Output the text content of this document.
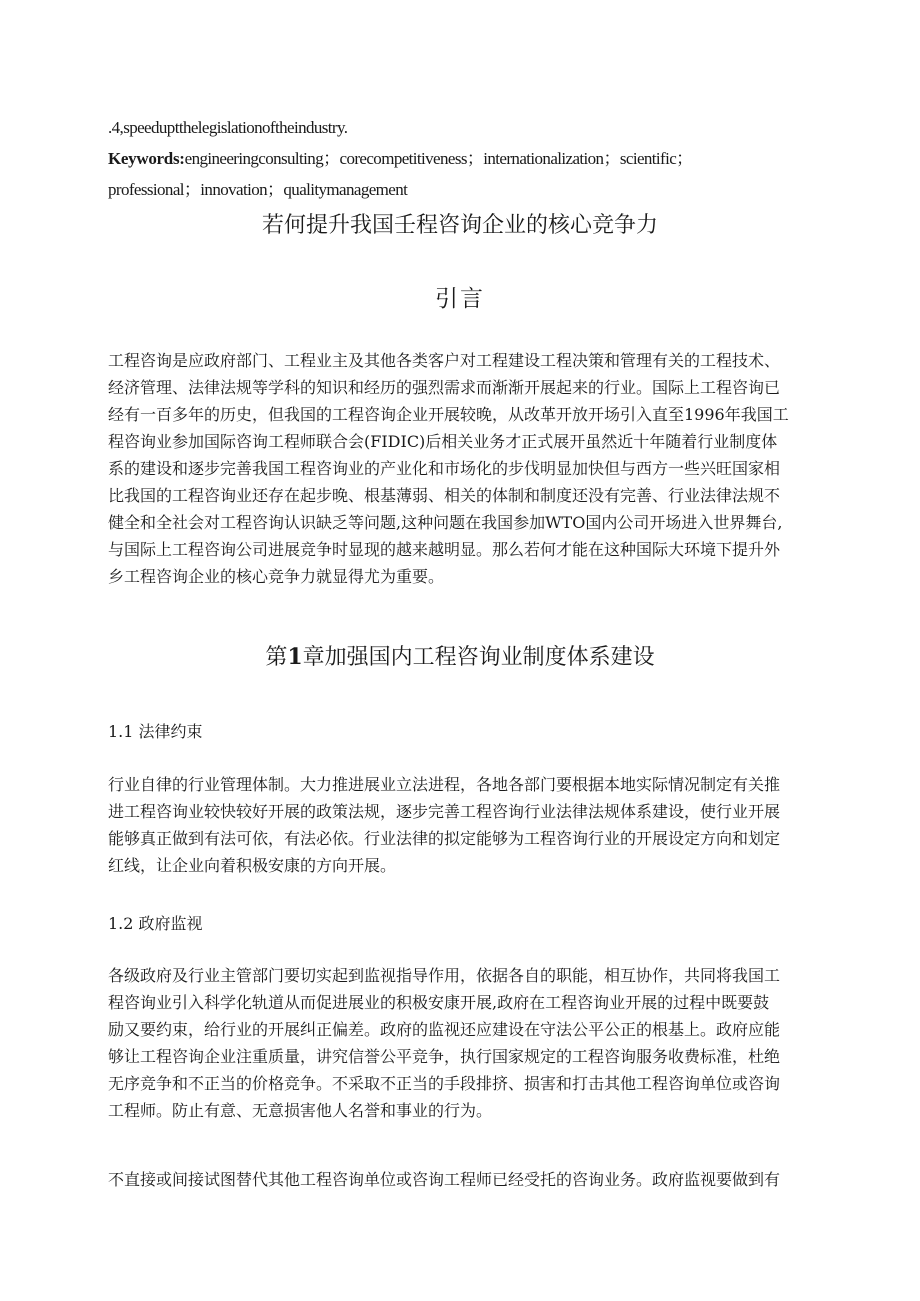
.4,speeduptthelegislationoftheindustry.
Keywords:engineeringconsulting；corecompetitiveness；internationalization；scientific；
professional；innovation；qualitymanagement
若何提升我国壬程咨询企业的核心竞争力
引言
工程咨询是应政府部门、工程业主及其他各类客户对工程建设工程决策和管理有关的工程技术、
经济管理、法律法规等学科的知识和经历的强烈需求而渐渐开展起来的行业。国际上工程咨询已
经有一百多年的历史，但我国的工程咨询企业开展较晚，从改革开放开场引入直至1996年我国工
程咨询业参加国际咨询工程师联合会(FIDIC)后相关业务才正式展开虽然近十年随着行业制度体
系的建设和逐步完善我国工程咨询业的产业化和市场化的步伐明显加快但与西方一些兴旺国家相
比我国的工程咨询业还存在起步晚、根基薄弱、相关的体制和制度还没有完善、行业法律法规不
健全和全社会对工程咨询认识缺乏等问题,这种问题在我国参加WTO国内公司开场进入世界舞台,
与国际上工程咨询公司进展竞争时显现的越来越明显。那么若何才能在这种国际大环境下提升外
乡工程咨询企业的核心竞争力就显得尤为重要。
第1章加强国内工程咨询业制度体系建设
1.1 法律约束
行业自律的行业管理体制。大力推进展业立法进程，各地各部门要根据本地实际情况制定有关推
进工程咨询业较快较好开展的政策法规，逐步完善工程咨询行业法律法规体系建设，使行业开展
能够真正做到有法可依，有法必依。行业法律的拟定能够为工程咨询行业的开展设定方向和划定
红线，让企业向着积极安康的方向开展。
1.2 政府监视
各级政府及行业主管部门要切实起到监视指导作用，依据各自的职能，相互协作，共同将我国工
程咨询业引入科学化轨道从而促进展业的积极安康开展,政府在工程咨询业开展的过程中既要鼓
励又要约束，给行业的开展纠正偏差。政府的监视还应建设在守法公平公正的根基上。政府应能
够让工程咨询企业注重质量，讲究信誉公平竞争，执行国家规定的工程咨询服务收费标准，杜绝
无序竞争和不正当的价格竞争。不采取不正当的手段排挤、损害和打击其他工程咨询单位或咨询
工程师。防止有意、无意损害他人名誉和事业的行为。
不直接或间接试图替代其他工程咨询单位或咨询工程师已经受托的咨询业务。政府监视要做到有
